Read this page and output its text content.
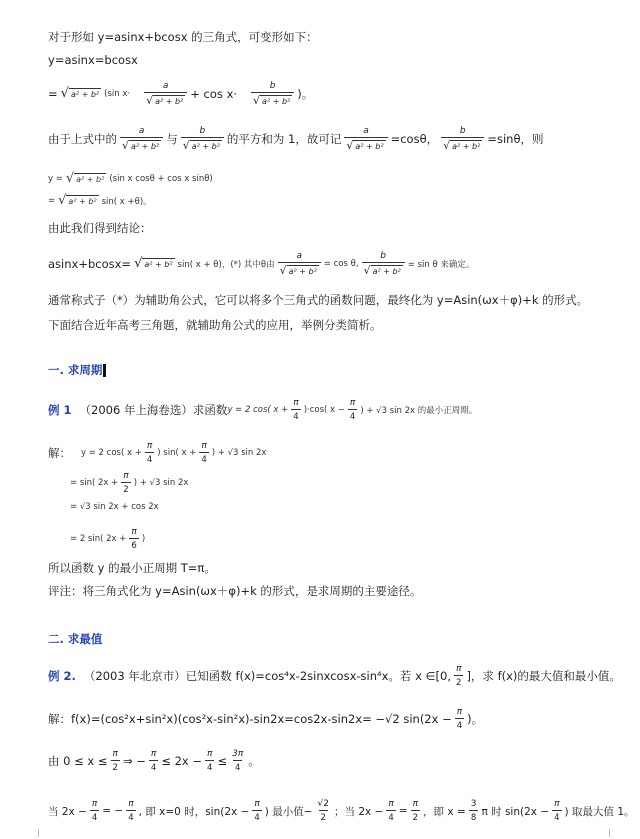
对于形如 y=asinx+bcosx 的三角式，可变形如下：
y=asinx=bcosx
= √ a² + b² (sin $x\cdot \frac{a}{\text{√ a² + b²}} + \cos x\cdot \frac{b}{\text{√ a² + b²}}$ )。
由于上式中的 $\frac{a}{\text{√ a² + b²}}$ 与 $\frac{b}{\text{√ a² + b²}}$ 的平方和为 1，故可记 $\frac{a}{\text{√ a² + b²}} =\cos\theta$， $\frac{b}{\text{√ a² + b²}} =\sin\theta$，则
y = √ a² + b² (sin x cosθ + cos x sinθ)
= √ a² + b² sin( x +θ)。
由此我们得到结论：
asinx+bcosx= √ a² + b² sin( x + θ)，(*) 其中θ由 $\frac{a}{\text{√ a² + b²}} = \cos \theta$, $\frac{b}{\text{√ a² + b²}} = \sin \theta$ 来确定。
通常称式子（*）为辅助角公式，它可以将多个三角式的函数问题，最终化为 y=Asin(ωx＋φ)+k 的形式。
下面结合近年高考三角题，就辅助角公式的应用，举例分类简析。
一. 求周期
例 1 （2006 年上海卷选）求函数 y = 2 cos( $x + \frac{\pi}{4} )\cdot\cos$( $x - \frac{\pi}{4}$ ) + √3 sin 2x 的最小正周期。
解： y = 2 cos( $x + \frac{\pi}{4}$ ) sin( $x + \frac{\pi}{4}$ ) + √3 sin 2x
= sin( $2x + \frac{\pi}{2}$ ) + √3 sin 2x
= √3 sin 2x + cos 2x
= 2 sin( $2x + \frac{\pi}{6}$ )
所以函数 y 的最小正周期 T=π。
评注：将三角式化为 y=Asin(ωx＋φ)+k 的形式，是求周期的主要途径。
二. 求最值
例 2. （2003 年北京市）已知函数 f(x)=cos⁴x-2sinxcosx-sin⁴x。若 x ∈[0, $\frac{\pi}{2}$ ]，求 f(x)的最大值和最小值。
解：f(x)=(cos²x+sin²x)(cos²x-sin²x)-sin2x=cos2x-sin2x= −√2 $\sin(2x - \frac{\pi}{4}$ )。
由 $0 \le x \le \frac{\pi}{2}$ ⇒ − $\frac{\pi}{4} \le 2x - \frac{\pi}{4} \le \frac{3\pi}{4}$ 。
当 $2x - \frac{\pi}{4}$ = − $\frac{\pi}{4}$ , 即 x=0 时，$\sin(2x - \frac{\pi}{4}$ ) 最小值− $\frac{√2}{2}$ ；当 $2x - \frac{\pi}{4} = \frac{\pi}{2}$ ，即 $x = \frac{3}{8}$ π 时 $\sin(2x - \frac{\pi}{4}$ ) 取最大值 1。
